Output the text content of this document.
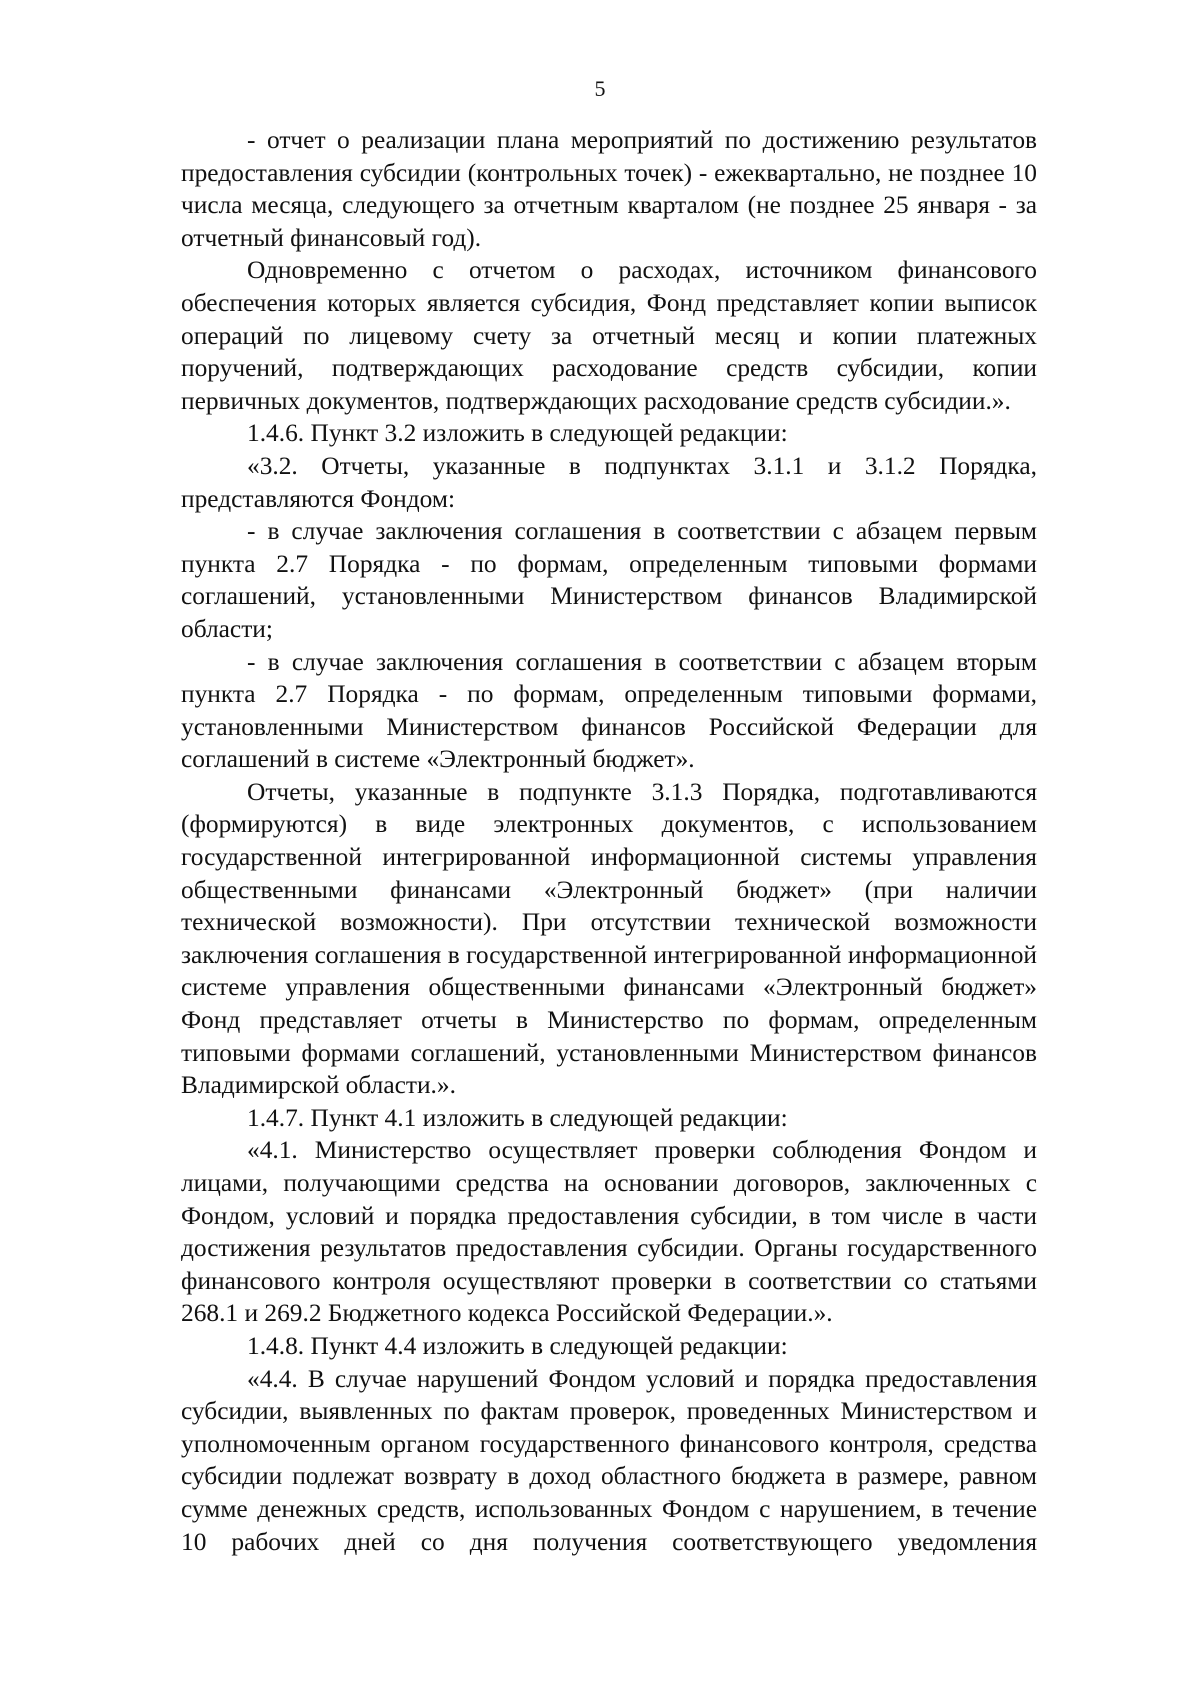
5

- отчет о реализации плана мероприятий по достижению результатов предоставления субсидии (контрольных точек) - ежеквартально, не позднее 10 числа месяца, следующего за отчетным кварталом (не позднее 25 января - за отчетный финансовый год).

Одновременно с отчетом о расходах, источником финансового обеспечения которых является субсидия, Фонд представляет копии выписок операций по лицевому счету за отчетный месяц и копии платежных поручений, подтверждающих расходование средств субсидии, копии первичных документов, подтверждающих расходование средств субсидии.».

1.4.6. Пункт 3.2 изложить в следующей редакции:

«3.2. Отчеты, указанные в подпунктах 3.1.1 и 3.1.2 Порядка, представляются Фондом:

- в случае заключения соглашения в соответствии с абзацем первым пункта 2.7 Порядка - по формам, определенным типовыми формами соглашений, установленными Министерством финансов Владимирской области;

- в случае заключения соглашения в соответствии с абзацем вторым пункта 2.7 Порядка - по формам, определенным типовыми формами, установленными Министерством финансов Российской Федерации для соглашений в системе «Электронный бюджет».

Отчеты, указанные в подпункте 3.1.3 Порядка, подготавливаются (формируются) в виде электронных документов, с использованием государственной интегрированной информационной системы управления общественными финансами «Электронный бюджет» (при наличии технической возможности). При отсутствии технической возможности заключения соглашения в государственной интегрированной информационной системе управления общественными финансами «Электронный бюджет» Фонд представляет отчеты в Министерство по формам, определенным типовыми формами соглашений, установленными Министерством финансов Владимирской области.».

1.4.7. Пункт 4.1 изложить в следующей редакции:

«4.1. Министерство осуществляет проверки соблюдения Фондом и лицами, получающими средства на основании договоров, заключенных с Фондом, условий и порядка предоставления субсидии, в том числе в части достижения результатов предоставления субсидии. Органы государственного финансового контроля осуществляют проверки в соответствии со статьями 268.1 и 269.2 Бюджетного кодекса Российской Федерации.».

1.4.8. Пункт 4.4 изложить в следующей редакции:

«4.4. В случае нарушений Фондом условий и порядка предоставления субсидии, выявленных по фактам проверок, проведенных Министерством и уполномоченным органом государственного финансового контроля, средства субсидии подлежат возврату в доход областного бюджета в размере, равном сумме денежных средств, использованных Фондом с нарушением, в течение 10 рабочих дней со дня получения соответствующего уведомления
